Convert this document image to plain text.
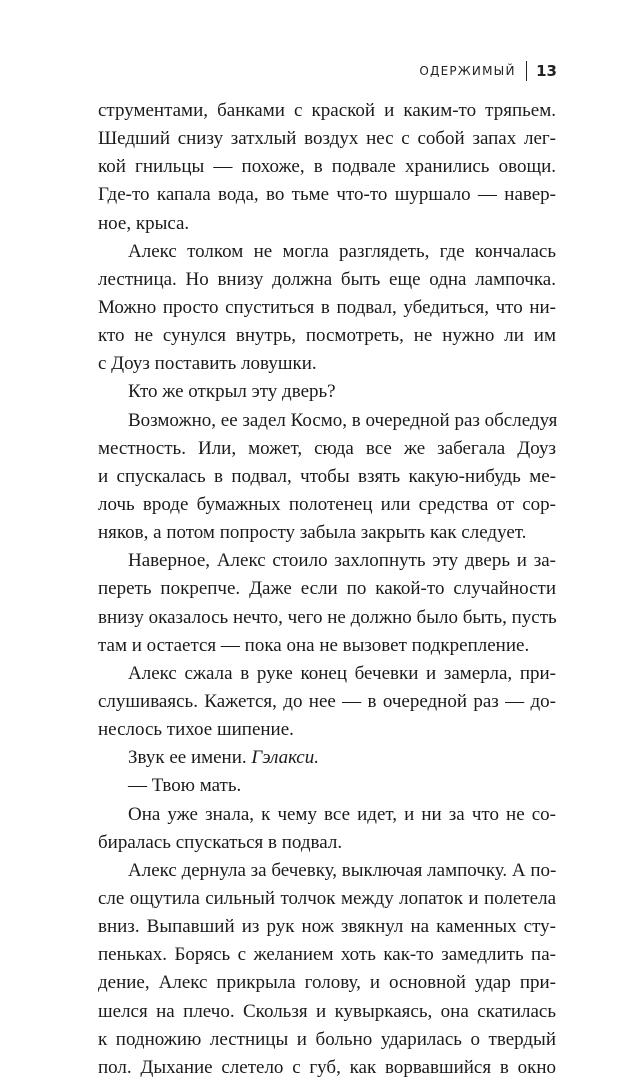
ОДЕРЖИМЫЙ 13
струментами, банками с краской и каким-то тряпьем.
Шедший снизу затхлый воздух нес с собой запах лег-
кой гнильцы — похоже, в подвале хранились овощи.
Где-то капала вода, во тьме что-то шуршало — навер-
ное, крыса.
Алекс толком не могла разглядеть, где кончалась
лестница. Но внизу должна быть еще одна лампочка.
Можно просто спуститься в подвал, убедиться, что ни-
кто не сунулся внутрь, посмотреть, не нужно ли им
с Доуз поставить ловушки.
Кто же открыл эту дверь?
Возможно, ее задел Космо, в очередной раз обследуя
местность. Или, может, сюда все же забегала Доуз
и спускалась в подвал, чтобы взять какую-нибудь ме-
лочь вроде бумажных полотенец или средства от сор-
няков, а потом попросту забыла закрыть как следует.
Наверное, Алекс стоило захлопнуть эту дверь и за-
переть покрепче. Даже если по какой-то случайности
внизу оказалось нечто, чего не должно было быть, пусть
там и остается — пока она не вызовет подкрепление.
Алекс сжала в руке конец бечевки и замерла, при-
слушиваясь. Кажется, до нее — в очередной раз — до-
неслось тихое шипение.
Звук ее имени. Гэлакси.
— Твою мать.
Она уже знала, к чему все идет, и ни за что не со-
биралась спускаться в подвал.
Алекс дернула за бечевку, выключая лампочку. А по-
сле ощутила сильный толчок между лопаток и полетела
вниз. Выпавший из рук нож звякнул на каменных сту-
пеньках. Борясь с желанием хоть как-то замедлить па-
дение, Алекс прикрыла голову, и основной удар при-
шелся на плечо. Скользя и кувыркаясь, она скатилась
к подножию лестницы и больно ударилась о твердый
пол. Дыхание слетело с губ, как ворвавшийся в окно
